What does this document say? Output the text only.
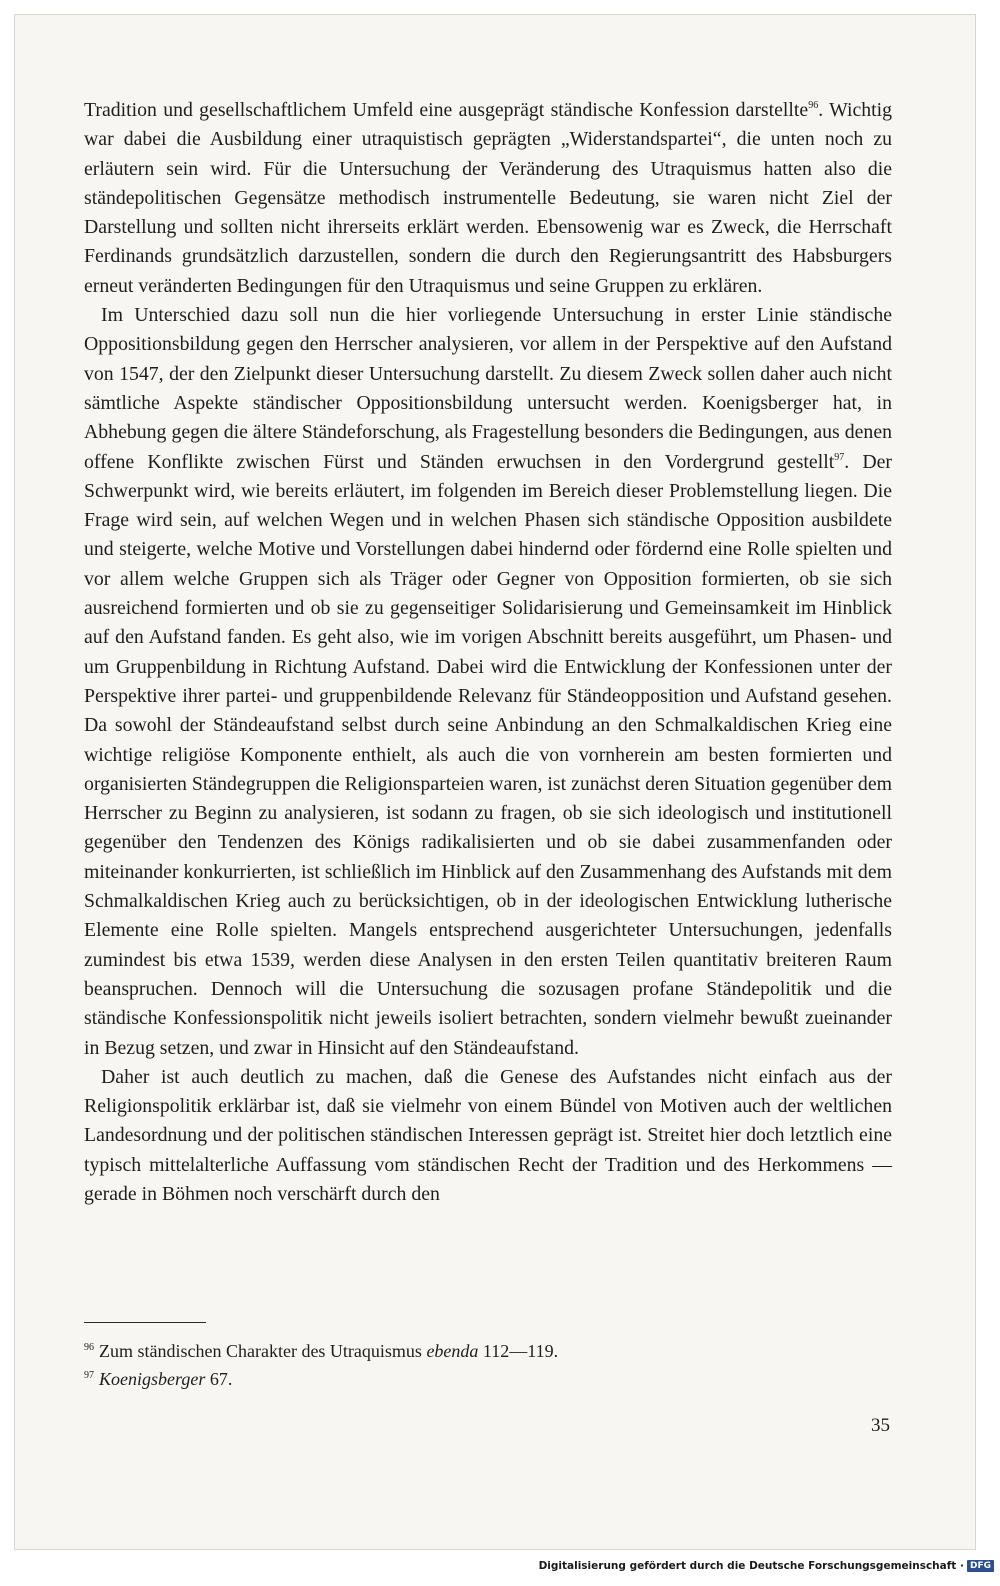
Tradition und gesellschaftlichem Umfeld eine ausgeprägt ständische Konfession darstellte$^{96}$. Wichtig war dabei die Ausbildung einer utraquistisch geprägten „Widerstandspartei“, die unten noch zu erläutern sein wird. Für die Untersuchung der Veränderung des Utraquismus hatten also die ständepolitischen Gegensätze methodisch instrumentelle Bedeutung, sie waren nicht Ziel der Darstellung und sollten nicht ihrerseits erklärt werden. Ebensowenig war es Zweck, die Herrschaft Ferdinands grundsätzlich darzustellen, sondern die durch den Regierungsantritt des Habsburgers erneut veränderten Bedingungen für den Utraquismus und seine Gruppen zu erklären.

Im Unterschied dazu soll nun die hier vorliegende Untersuchung in erster Linie ständische Oppositionsbildung gegen den Herrscher analysieren, vor allem in der Perspektive auf den Aufstand von 1547, der den Zielpunkt dieser Untersuchung darstellt. Zu diesem Zweck sollen daher auch nicht sämtliche Aspekte ständischer Oppositionsbildung untersucht werden. Koenigsberger hat, in Abhebung gegen die ältere Ständeforschung, als Fragestellung besonders die Bedingungen, aus denen offene Konflikte zwischen Fürst und Ständen erwuchsen in den Vordergrund gestellt$^{97}$. Der Schwerpunkt wird, wie bereits erläutert, im folgenden im Bereich dieser Problemstellung liegen. Die Frage wird sein, auf welchen Wegen und in welchen Phasen sich ständische Opposition ausbildete und steigerte, welche Motive und Vorstellungen dabei hindernd oder fördernd eine Rolle spielten und vor allem welche Gruppen sich als Träger oder Gegner von Opposition formierten, ob sie sich ausreichend formierten und ob sie zu gegenseitiger Solidarisierung und Gemeinsamkeit im Hinblick auf den Aufstand fanden. Es geht also, wie im vorigen Abschnitt bereits ausgeführt, um Phasen- und um Gruppenbildung in Richtung Aufstand. Dabei wird die Entwicklung der Konfessionen unter der Perspektive ihrer partei- und gruppenbildende Relevanz für Ständeopposition und Aufstand gesehen. Da sowohl der Ständeaufstand selbst durch seine Anbindung an den Schmalkaldischen Krieg eine wichtige religiöse Komponente enthielt, als auch die von vornherein am besten formierten und organisierten Ständegruppen die Religionsparteien waren, ist zunächst deren Situation gegenüber dem Herrscher zu Beginn zu analysieren, ist sodann zu fragen, ob sie sich ideologisch und institutionell gegenüber den Tendenzen des Königs radikalisierten und ob sie dabei zusammenfanden oder miteinander konkurrierten, ist schließlich im Hinblick auf den Zusammenhang des Aufstands mit dem Schmalkaldischen Krieg auch zu berücksichtigen, ob in der ideologischen Entwicklung lutherische Elemente eine Rolle spielten. Mangels entsprechend ausgerichteter Untersuchungen, jedenfalls zumindest bis etwa 1539, werden diese Analysen in den ersten Teilen quantitativ breiteren Raum beanspruchen. Dennoch will die Untersuchung die sozusagen profane Ständepolitik und die ständische Konfessionspolitik nicht jeweils isoliert betrachten, sondern vielmehr bewußt zueinander in Bezug setzen, und zwar in Hinsicht auf den Ständeaufstand.

Daher ist auch deutlich zu machen, daß die Genese des Aufstandes nicht einfach aus der Religionspolitik erklärbar ist, daß sie vielmehr von einem Bündel von Motiven auch der weltlichen Landesordnung und der politischen ständischen Interessen geprägt ist. Streitet hier doch letztlich eine typisch mittelalterliche Auffassung vom ständischen Recht der Tradition und des Herkommens — gerade in Böhmen noch verschärft durch den

$^{96}$ Zum ständischen Charakter des Utraquismus ebenda 112—119.

$^{97}$ Koenigsberger 67.

35
Digitalisierung gefördert durch die Deutsche Forschungsgemeinschaft · DFG
